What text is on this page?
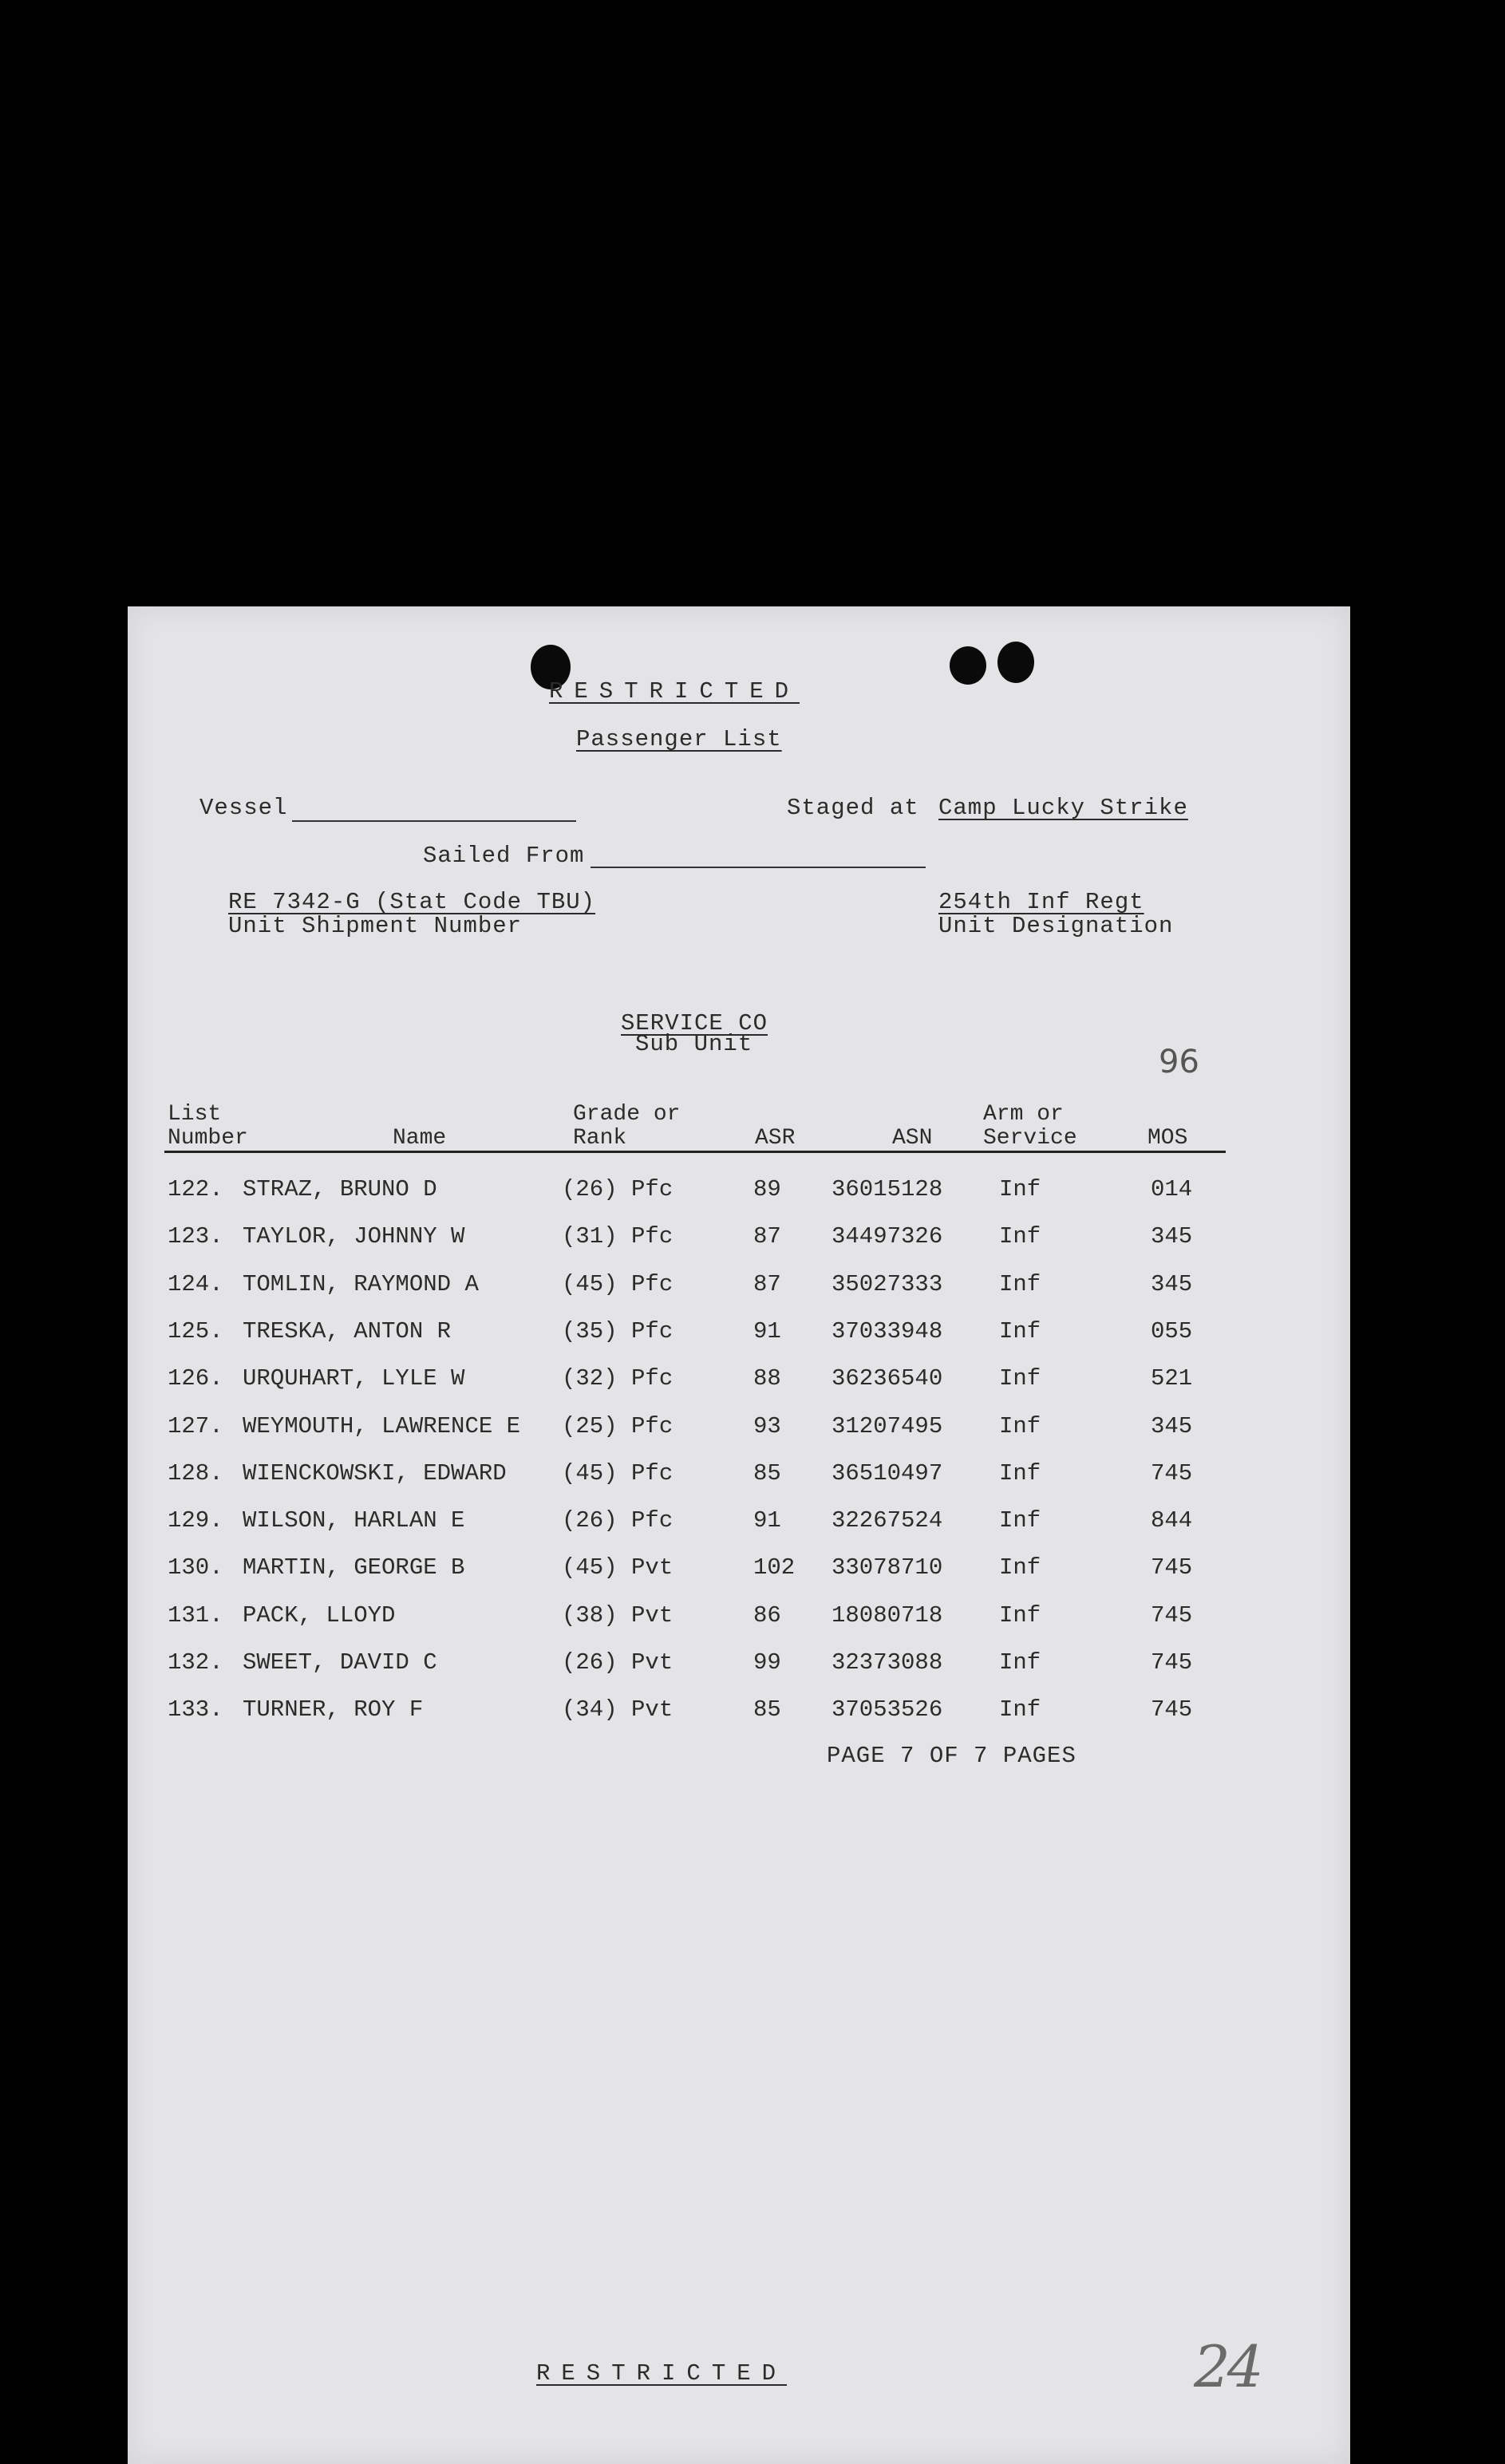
RESTRICTED
Passenger List
Vessel	Staged at Camp Lucky Strike
Sailed From
RE 7342-G (Stat Code TBU)
Unit Shipment Number
254th Inf Regt
Unit Designation
SERVICE CO
Sub Unit	96
List
Number	Name
Grade or
Rank	ASR	ASN
Arm or
Service	MOS
122. STRAZ, BRUNO D	(26) Pfc	89 36015128 Inf	014
123. TAYLOR, JOHNNY W	(31) Pfc	87 34497326 Inf	345
124. TOMLIN, RAYMOND A	(45) Pfc	87 35027333 Inf	345
125. TRESKA, ANTON R	(35) Pfc	91 37033948 Inf	055
126. URQUHART, LYLE W	(32) Pfc	88 36236540 Inf	521
127. WEYMOUTH, LAWRENCE E (25) Pfc	93 31207495 Inf	345
128. WIENCKOWSKI, EDWARD (45) Pfc	85 36510497 Inf	745
129. WILSON, HARLAN E	(26) Pfc	91 32267524 Inf	844
130. MARTIN, GEORGE B	(45) Pvt	102 33078710 Inf	745
131. PACK, LLOYD	(38) Pvt	86 18080718 Inf	745
132. SWEET, DAVID C	(26) Pvt	99 32373088 Inf	745
133. TURNER, ROY F	(34) Pvt	85 37053526 Inf	745
PAGE 7 OF 7 PAGES
RESTRICTED	24
